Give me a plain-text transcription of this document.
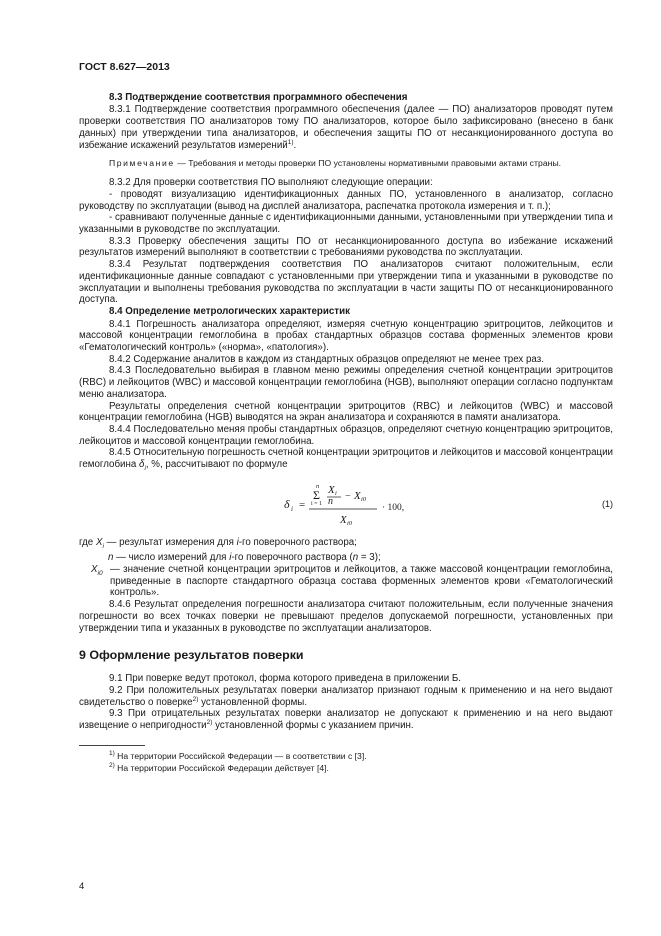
ГОСТ 8.627—2013
8.3 Подтверждение соответствия программного обеспечения

8.3.1 Подтверждение соответствия программного обеспечения (далее — ПО) анализаторов проводят путем проверки соответствия ПО анализаторов тому ПО анализаторов, которое было зафиксировано (внесено в банк данных) при утверждении типа анализаторов, и обеспечения защиты ПО от несанкционированного доступа во избежание искажений результатов измерений$^{1)}$.

Примечание — Требования и методы проверки ПО установлены нормативными правовыми актами страны.

8.3.2 Для проверки соответствия ПО выполняют следующие операции:

- проводят визуализацию идентификационных данных ПО, установленного в анализатор, согласно руководству по эксплуатации (вывод на дисплей анализатора, распечатка протокола измерения и т. п.);

- сравнивают полученные данные с идентификационными данными, установленными при утверждении типа и указанными в руководстве по эксплуатации.

8.3.3 Проверку обеспечения защиты ПО от несанкционированного доступа во избежание искажений результатов измерений выполняют в соответствии с требованиями руководства по эксплуатации.

8.3.4 Результат подтверждения соответствия ПО анализаторов считают положительным, если идентификационные данные совпадают с установленными при утверждении типа и указанными в руководстве по эксплуатации и выполнены требования руководства по эксплуатации в части защиты ПО от несанкционированного доступа.

8.4 Определение метрологических характеристик

8.4.1 Погрешность анализатора определяют, измеряя счетную концентрацию эритроцитов, лейкоцитов и массовой концентрации гемоглобина в пробах стандартных образцов состава форменных элементов крови «Гематологический контроль» («норма», «патология»).

8.4.2 Содержание аналитов в каждом из стандартных образцов определяют не менее трех раз.

8.4.3 Последовательно выбирая в главном меню режимы определения счетной концентрации эритроцитов (RBC) и лейкоцитов (WBC) и массовой концентрации гемоглобина (HGB), выполняют операции согласно подпунктам меню анализатора.

Результаты определения счетной концентрации эритроцитов (RBC) и лейкоцитов (WBC) и массовой концентрации гемоглобина (HGB) выводятся на экран анализатора и сохраняются в памяти анализатора.

8.4.4 Последовательно меняя пробы стандартных образцов, определяют счетную концентрацию эритроцитов, лейкоцитов и массовой концентрации гемоглобина.

8.4.5 Относительную погрешность счетной концентрации эритроцитов и лейкоцитов и массовой концентрации гемоглобина $\delta_i$, %, рассчитывают по формуле

δ i =
n
Σ
i = 1
X i
n − X i0
X i0
· 100,	(1)
где $X_i$ — результат измерения для i-го поверочного раствора;
n — число измерений для i-го поверочного раствора (n = 3);
$X_{i0}$ — значение счетной концентрации эритроцитов и лейкоцитов, а также массовой концентрации гемоглобина, приведенные в паспорте стандартного образца состава форменных элементов крови «Гематологический контроль».

8.4.6 Результат определения погрешности анализатора считают положительным, если полученные значения погрешности во всех точках поверки не превышают пределов допускаемой погрешности, установленных при утверждении типа и указанных в руководстве по эксплуатации анализаторов.

9 Оформление результатов поверки

9.1 При поверке ведут протокол, форма которого приведена в приложении Б.

9.2 При положительных результатах поверки анализатор признают годным к применению и на него выдают свидетельство о поверке$^{2)}$ установленной формы.

9.3 При отрицательных результатах поверки анализатор не допускают к применению и на него выдают извещение о непригодности$^{2)}$ установленной формы с указанием причин.

$^{1)}$ На территории Российской Федерации — в соответствии с [3].
$^{2)}$ На территории Российской Федерации действует [4].
4
